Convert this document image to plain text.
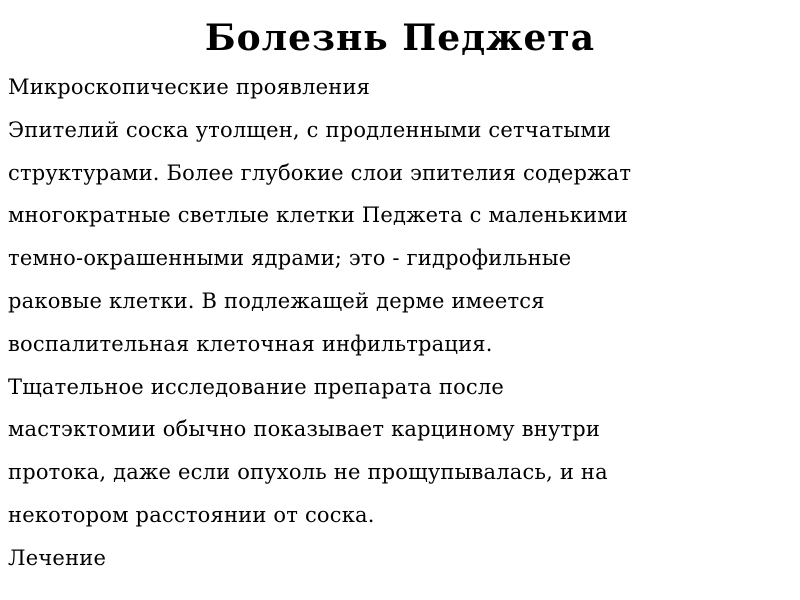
Болезнь Педжета
Микроскопические проявления
Эпителий соска утолщен, с продленными сетчатыми
структурами. Более глубокие слои эпителия содержат
многократные светлые клетки Педжета с маленькими
темно-окрашенными ядрами; это - гидрофильные
раковые клетки. В подлежащей дерме имеется
воспалительная клеточная инфильтрация.
Тщательное исследование препарата после
мастэктомии обычно показывает карциному внутри
протока, даже если опухоль не прощупывалась, и на
некотором расстоянии от соска.
Лечение
